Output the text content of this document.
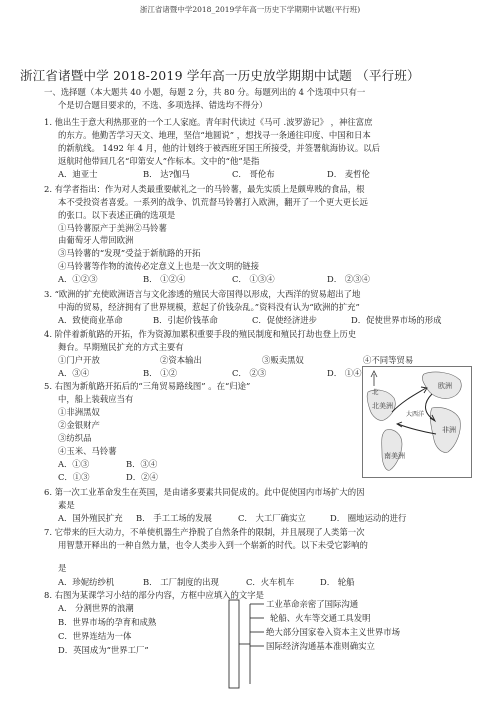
浙江省诸暨中学2018_2019学年高一历史下学期期中试题(平行班)
浙江省诸暨中学 2018-2019 学年高一历史放学期期中试题 （平行班）
一、选择题（本大题共 40 小题，每题 2 分，共 80 分。每题列出的 4 个选项中只有一
个是切合题目要求的，不选、多项选择、错选均不得分）
1. 他出生于意大利热那亚的一个工人家庭。青年时代读过《马可 .波罗游记》 ，神往富庶
的东方。他勤苦学习天文、地理，坚信“地圆说” ，想找寻一条通往印度、中国和日本
的新航线。 1492 年 4 月，他的计划终于被西班牙国王所接受，并签署航海协议。以后
返航时他带回几名“印第安人”作标本。文中的“他”是指
A．迪亚士	B． 达?伽马	C． 哥伦布	D． 麦哲伦
2. 有学者指出：作为对人类最重要献礼之一的马铃薯，最先实质上是颇卑贱的食品，根
本不受投资者喜爱。一系列的战争、饥荒督马铃薯打入欧洲，翻开了一个更大更长远
的张口。以下表述正确的选项是
①马铃薯原产于美洲②马铃薯
由葡萄牙人带回欧洲
③马铃薯的“发现”受益于新航路的开拓
④马铃薯等作物的流传必定意义上也是一次文明的链接
A．①②③	B． ①②④	C． ①③④	D． ②③④
3. “欧洲的扩充使欧洲语言与文化渗透的殖民大帝国得以形成，大西洋的贸易超出了地
中海的贸易，经济拥有了世界规模，惹起了价钱杂乱。”资料没有认为“欧洲的扩充”
A．致使商业革命	B．引起价钱革命	C．促使经济进步	D．促使世界市场的形成
4. 阶伴着新航路的开拓，作为资源加累积重要手段的殖民制度和殖民打劫也登上历史
舞台。早期殖民扩充的方式主要有
①门户开放	②资本输出	③贩卖黑奴	④不同等贸易
A．③④	B． ①②	C． ②③	D． ①④
5. 右图为新航路开拓后的“三角贸易路线图” 。在“归途”
中，船上装载应当有
①非洲黑奴
②金银财产
③纺织品
④玉米、马铃薯
A．①③	B．③④
C．①③	D．②④
北
欧洲
北美洲
非洲
南美洲
大西洋
6. 第一次工业革命发生在英国，是由诸多要素共同促成的。此中促使国内市场扩大的因
素是
A．国外殖民扩充 B． 手工工场的发展	C． 大工厂确实立	D． 圈地运动的进行
7. 它带来的巨大动力，不单使机器生产挣脱了自然条件的限制，并且展现了人类第一次
用智慧开释出的一种自然力量，也令人类步入到一个崭新的时代。以下未受它影响的
是
A．珍妮纺纱机	B． 工厂制度的出现	C．火车机车	D． 轮船
8. 右图为某课学习小结的部分内容，方框中应填入的文字是
A． 分割世界的浪潮
B．世界市场的孕育和成熟
C．世界连结为一体
D．英国成为“世界工厂”
工业革命亲密了国际沟通
轮船、火车等交通工具发明
绝大部分国家卷入资本主义世界市场
国际经济沟通基本准则确实立
